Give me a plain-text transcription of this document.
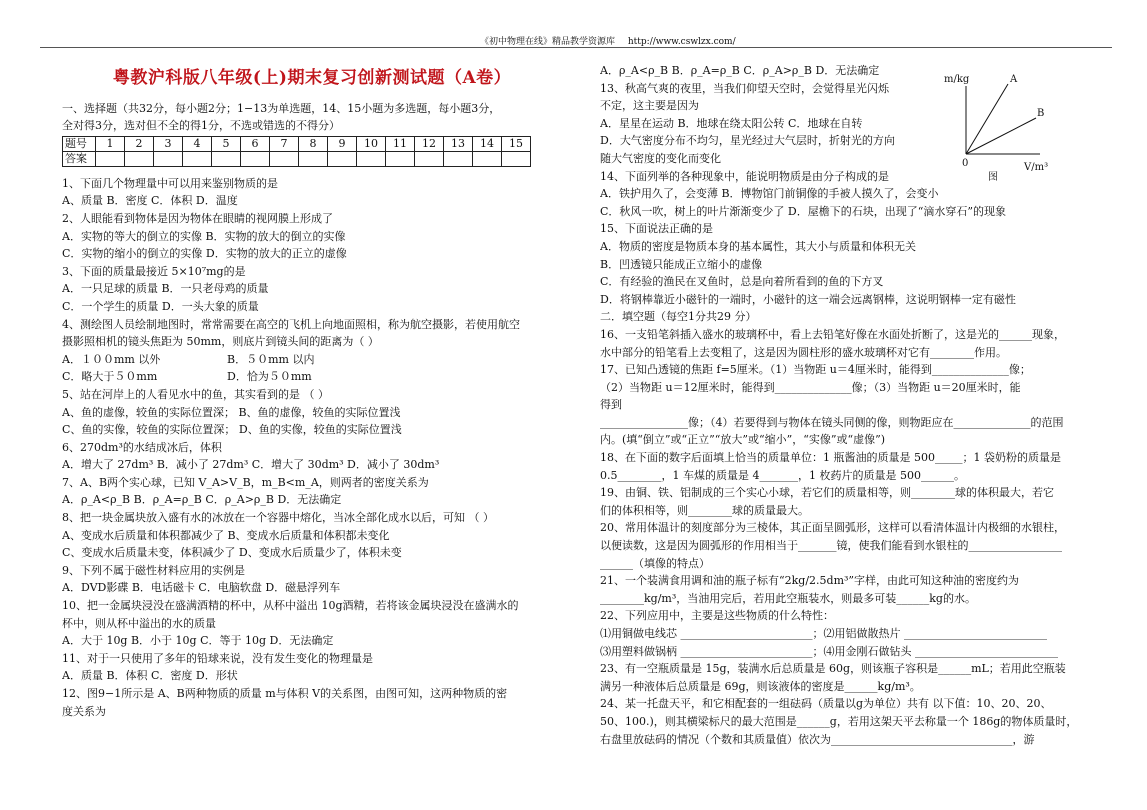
《初中物理在线》精品教学资源库 http://www.cswlzx.com/
粤教沪科版八年级(上)期末复习创新测试题（A卷）
一、选择题（共32分，每小题2分；1−13为单选题，14、15小题为多选题，每小题3分，
全对得3分，选对但不全的得1分，不选或错选的不得分）
题号	1	2	3	4	5	6	7	8	9	10	11	12	13	14	15
答案															
1、下面几个物理量中可以用来鉴别物质的是
A、质量 B．密度 C．体积 D．温度
2、人眼能看到物体是因为物体在眼睛的视网膜上形成了
A．实物的等大的倒立的实像 B．实物的放大的倒立的实像
C．实物的缩小的倒立的实像 D．实物的放大的正立的虚像
3、下面的质量最接近 5×10⁷mg的是
A．一只足球的质量 B．一只老母鸡的质量
C．一个学生的质量 D．一头大象的质量
4、测绘图人员绘制地图时，常常需要在高空的飞机上向地面照相，称为航空摄影，若使用航空
摄影照相机的镜头焦距为 50mm，则底片到镜头间的距离为（ ）
A．１００mm 以外	B．５０mm 以内
C．略大于５０mm	D．恰为５０mm
5、站在河岸上的人看见水中的鱼，其实看到的是 （ ）
A、鱼的虚像，较鱼的实际位置深； B、鱼的虚像，较鱼的实际位置浅
C、鱼的实像，较鱼的实际位置深； D、鱼的实像，较鱼的实际位置浅
6、270dm³的水结成冰后，体积
A．增大了 27dm³ B．减小了 27dm³ C．增大了 30dm³ D．减小了 30dm³
7、A、B两个实心球，已知 V_A>V_B，m_B<m_A，则两者的密度关系为
A．ρ_A<ρ_B B．ρ_A=ρ_B C．ρ_A>ρ_B D．无法确定
8、把一块金属块放入盛有水的冰放在一个容器中熔化，当冰全部化成水以后，可知 （ ）
A、变成水后质量和体积都减少了 B、变成水后质量和体积都未变化
C、变成水后质量未变，体积减少了 D、变成水后质量少了，体积未变
9、下列不属于磁性材料应用的实例是
A．DVD影碟 B．电话磁卡 C．电脑软盘 D．磁悬浮列车
10、把一金属块浸没在盛满酒精的杯中，从杯中溢出 10g酒精，若将该金属块浸没在盛满水的
杯中，则从杯中溢出的水的质量
A．大于 10g B．小于 10g C．等于 10g D．无法确定
11、对于一只使用了多年的铅球来说，没有发生变化的物理量是
A．质量 B．体积 C．密度 D．形状
12、图9−1所示是 A、B两种物质的质量 m与体积 V的关系图，由图可知，这两种物质的密
度关系为
A．ρ_A<ρ_B B．ρ_A=ρ_B C．ρ_A>ρ_B D．无法确定
13、秋高气爽的夜里，当我们仰望天空时，会觉得星光闪烁
不定，这主要是因为
A．星星在运动 B．地球在绕太阳公转 C．地球在自转
D．大气密度分布不均匀，星光经过大气层时，折射光的方向
随大气密度的变化而变化
14、下面列举的各种现象中，能说明物质是由分子构成的是
A．铁护用久了，会变薄 B．博物馆门前铜像的手被人摸久了，会变小
C．秋风一吹，树上的叶片渐渐变少了 D．屋檐下的石块，出现了“滴水穿石”的现象
15、下面说法正确的是
A．物质的密度是物质本身的基本属性，其大小与质量和体积无关
B．凹透镜只能成正立缩小的虚像
C．有经验的渔民在叉鱼时，总是向着所看到的鱼的下方叉
D．将钢棒靠近小磁针的一端时，小磁针的这一端会远离钢棒，这说明钢棒一定有磁性
二．填空题（每空1分共29 分）
16、一支铅笔斜插入盛水的玻璃杯中，看上去铅笔好像在水面处折断了，这是光的______现象，
水中部分的铅笔看上去变粗了，这是因为圆柱形的盛水玻璃杯对它有________作用。
17、已知凸透镜的焦距 f=5厘米。（1）当物距 u＝4厘米时，能得到______________像；
（2）当物距 u＝12厘米时，能得到______________像；（3）当物距 u＝20厘米时，能
得到
________________像；（4）若要得到与物体在镜头同侧的像，则物距应在______________的范围
内。(填“倒立”或“正立”“放大”或“缩小”，“实像”或“虚像”)
18、在下面的数字后面填上恰当的质量单位：1 瓶酱油的质量是 500_____；1 袋奶粉的质量是
0.5________，1 车煤的质量是 4_______，1 枚药片的质量是 500______。
19、由铜、铁、铝制成的三个实心小球，若它们的质量相等，则________球的体积最大，若它
们的体积相等，则________球的质量最大。
20、常用体温计的刻度部分为三棱体，其正面呈圆弧形，这样可以看清体温计内极细的水银柱，
以便读数，这是因为圆弧形的作用相当于_______镜，使我们能看到水银柱的_________________
______（填像的特点）
21、一个装满食用调和油的瓶子标有“2kg/2.5dm³”字样，由此可知这种油的密度约为
________kg/m³，当油用完后，若用此空瓶装水，则最多可装______kg的水。
22、下列应用中，主要是这些物质的什么特性：
⑴用铜做电线芯 ________________________；⑵用铝做散热片 __________________________
⑶用塑料做锅柄 ________________________；⑷用金刚石做钻头 __________________________
23、有一空瓶质量是 15g，装满水后总质量是 60g，则该瓶子容积是______mL；若用此空瓶装
满另一种液体后总质量是 69g，则该液体的密度是______kg/m³。
24、某一托盘天平，和它相配套的一组砝码（质量以g为单位）共有 以下值：10、20、20、
50、100.)，则其横梁标尺的最大范围是______g，若用这架天平去称量一个 186g的物体质量时，
右盘里放砝码的情况（个数和其质量值）依次为_________________________________，游
m/kg	A
B
0	V/m³
图
